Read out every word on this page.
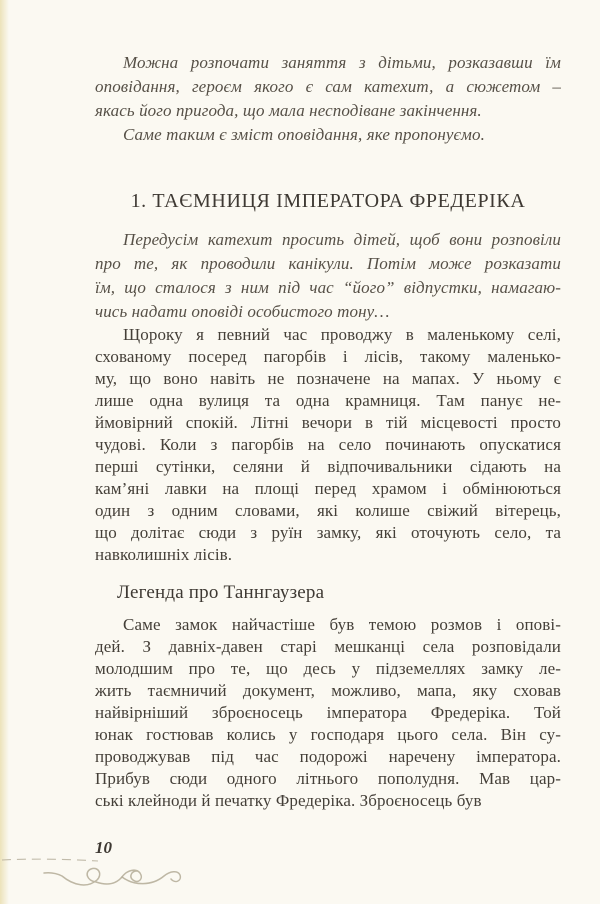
Можна розпочати заняття з дітьми, розказавши їм
оповідання, героєм якого є сам катехит, а сюжетом –
якась його пригода, що мала несподіване закінчення.

Саме таким є зміст оповідання, яке пропонуємо.

1. ТАЄМНИЦЯ ІМПЕРАТОРА ФРЕДЕРІКА

Передусім катехит просить дітей, щоб вони розповіли
про те, як проводили канікули. Потім може розказати
їм, що сталося з ним під час “його” відпустки, намагаю-
чись надати оповіді особистого тону…

Щороку я певний час проводжу в маленькому селі,
схованому посеред пагорбів і лісів, такому маленько-
му, що воно навіть не позначене на мапах. У ньому є
лише одна вулиця та одна крамниця. Там панує не-
ймовірний спокій. Літні вечори в тій місцевості просто
чудові. Коли з пагорбів на село починають опускатися
перші сутінки, селяни й відпочивальники сідають на
кам’яні лавки на площі перед храмом і обмінюються
один з одним словами, які колише свіжий вітерець,
що долітає сюди з руїн замку, які оточують село, та
навколишніх лісів.

Легенда про Таннгаузера

Саме замок найчастіше був темою розмов і опові-
дей. З давніх-давен старі мешканці села розповідали
молодшим про те, що десь у підземеллях замку ле-
жить таємничий документ, можливо, мапа, яку сховав
найвірніший зброєносець імператора Фредеріка. Той
юнак гостював колись у господаря цього села. Він су-
проводжував під час подорожі наречену імператора.
Прибув сюди одного літнього пополудня. Мав цар-
ські клейноди й печатку Фредеріка. Зброєносець був

10
